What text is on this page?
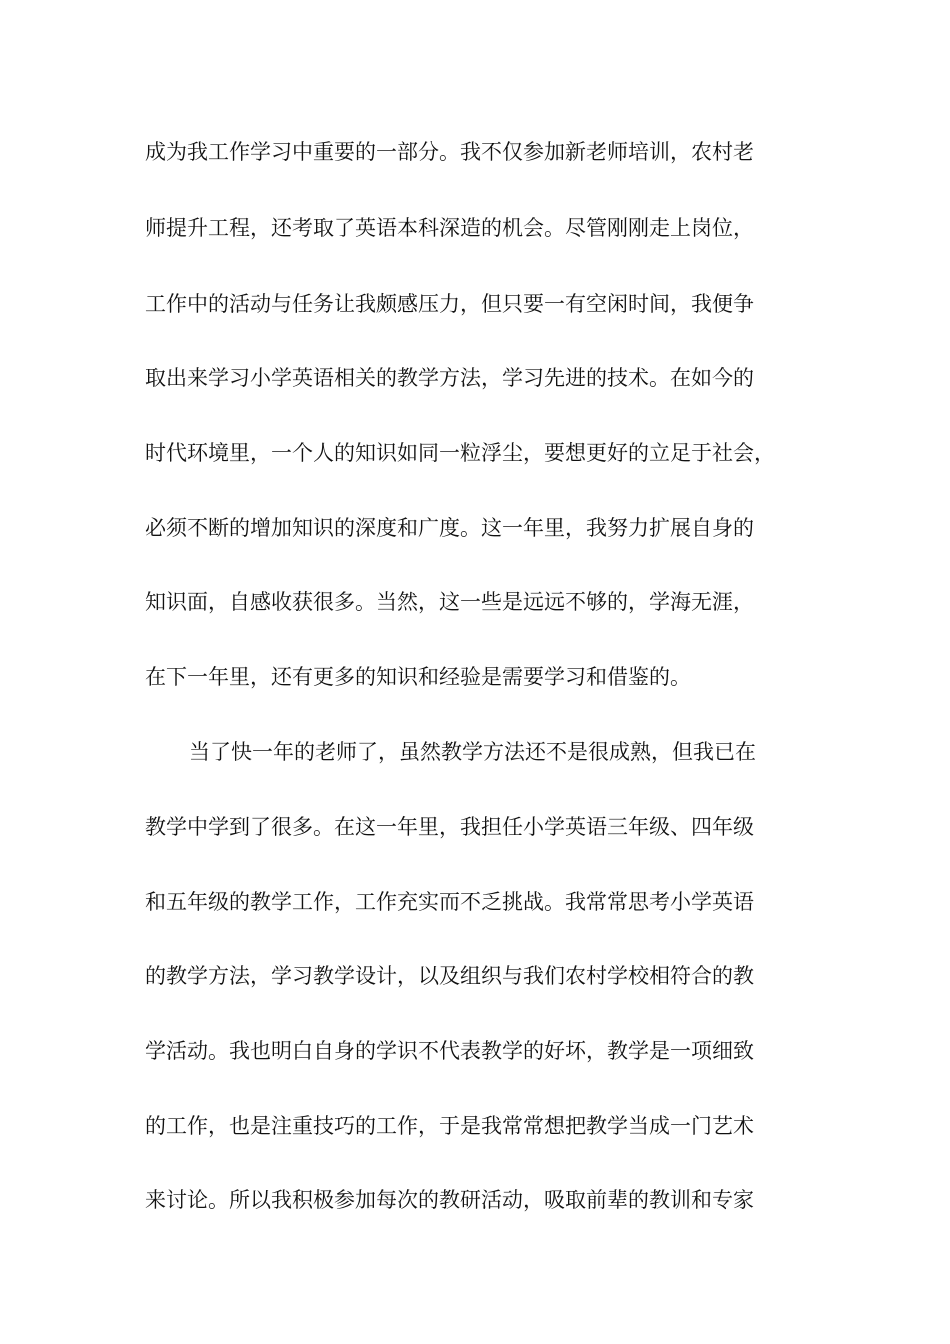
成为我工作学习中重要的一部分。我不仅参加新老师培训，农村老
师提升工程，还考取了英语本科深造的机会。尽管刚刚走上岗位，
工作中的活动与任务让我颇感压力，但只要一有空闲时间，我便争
取出来学习小学英语相关的教学方法，学习先进的技术。在如今的
时代环境里，一个人的知识如同一粒浮尘，要想更好的立足于社会，
必须不断的增加知识的深度和广度。这一年里，我努力扩展自身的
知识面，自感收获很多。当然，这一些是远远不够的，学海无涯，
在下一年里，还有更多的知识和经验是需要学习和借鉴的。
当了快一年的老师了，虽然教学方法还不是很成熟，但我已在
教学中学到了很多。在这一年里，我担任小学英语三年级、四年级
和五年级的教学工作，工作充实而不乏挑战。我常常思考小学英语
的教学方法，学习教学设计，以及组织与我们农村学校相符合的教
学活动。我也明白自身的学识不代表教学的好坏，教学是一项细致
的工作，也是注重技巧的工作，于是我常常想把教学当成一门艺术
来讨论。所以我积极参加每次的教研活动，吸取前辈的教训和专家
